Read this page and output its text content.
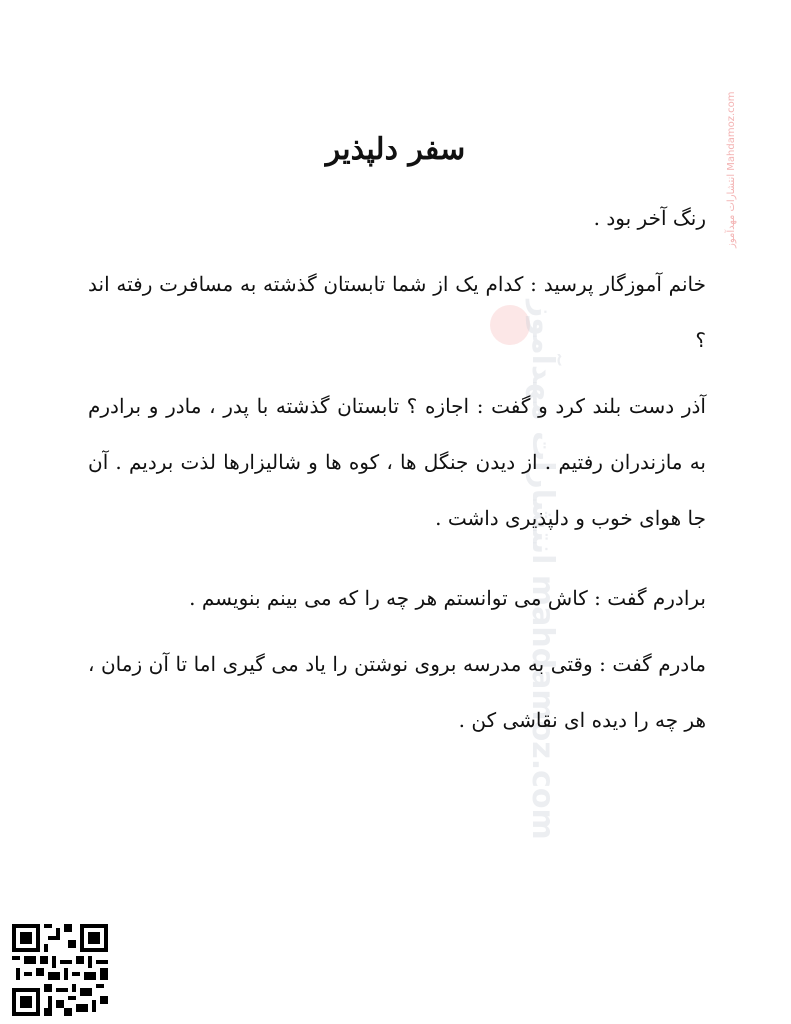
انتشارات مهدآموز Mahdamoz.com
انتشارات مهدآموز mahdamoz.com
سفر دلپذیر

رنگ آخر بود .

خانم آموزگار پرسید : کدام یک از شما تابستان گذشته به مسافرت رفته اند ؟

آذر دست بلند کرد و گفت : اجازه ؟ تابستان گذشته با پدر ، مادر و برادرم به مازندران رفتیم . از دیدن جنگل ها ، کوه ها و شالیزارها لذت بردیم . آن جا هوای خوب و دلپذیری داشت .

برادرم گفت : کاش می توانستم هر چه را که می بینم بنویسم .

مادرم گفت : وقتی به مدرسه بروی نوشتن را یاد می گیری اما تا آن زمان ، هر چه را دیده ای نقاشی کن .
